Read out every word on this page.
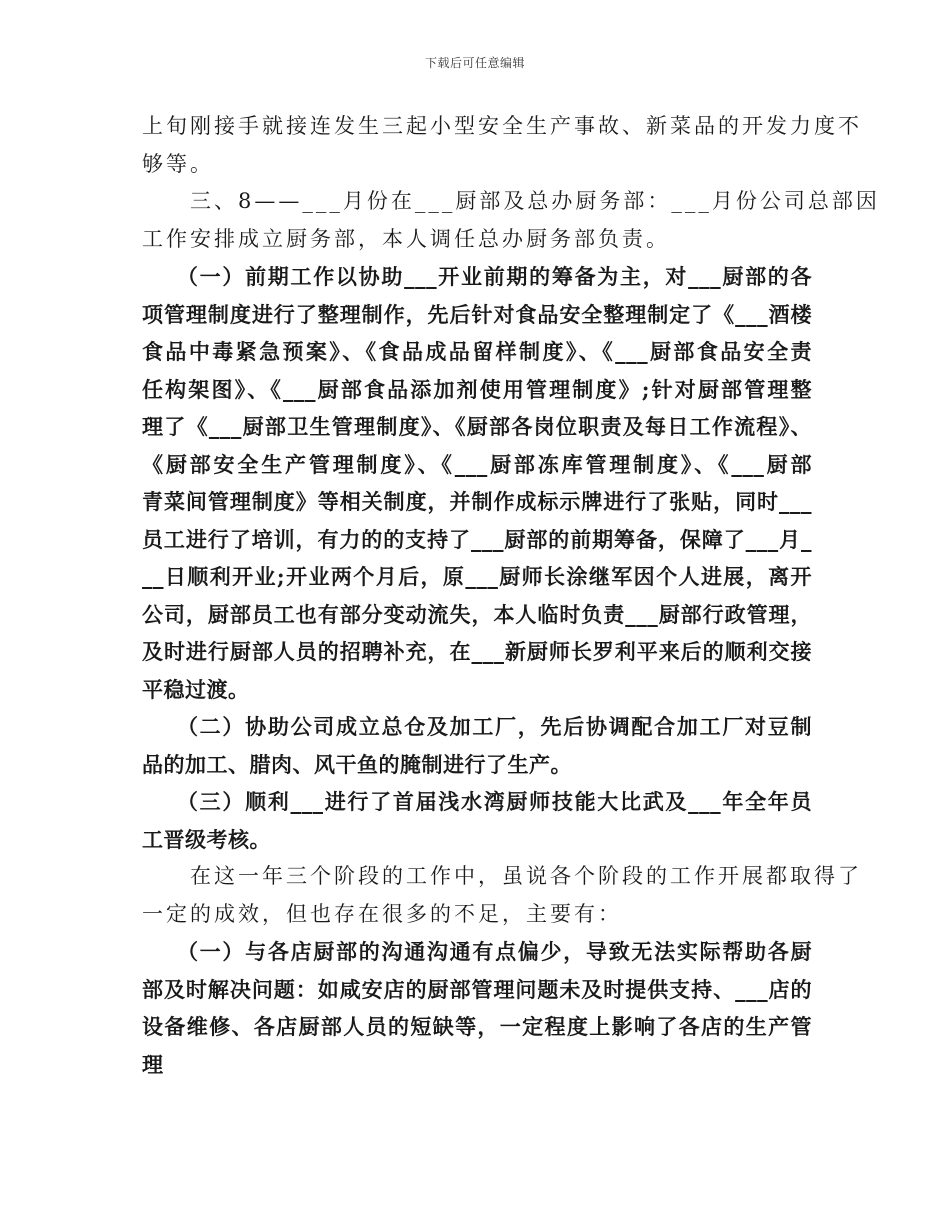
下载后可任意编辑
上旬刚接手就接连发生三起小型安全生产事故、新菜品的开发力度不
够等。
　　三、8——___月份在___厨部及总办厨务部：___月份公司总部因
工作安排成立厨务部，本人调任总办厨务部负责。
　　（一）前期工作以协助___开业前期的筹备为主，对___厨部的各
项管理制度进行了整理制作，先后针对食品安全整理制定了《___酒楼
食品中毒紧急预案》、《食品成品留样制度》、《___厨部食品安全责
任构架图》、《___厨部食品添加剂使用管理制度》;针对厨部管理整
理了《___厨部卫生管理制度》、《厨部各岗位职责及每日工作流程》、
《厨部安全生产管理制度》、《___厨部冻库管理制度》、《___厨部
青菜间管理制度》等相关制度，并制作成标示牌进行了张贴，同时___
员工进行了培训，有力的的支持了___厨部的前期筹备，保障了___月_
__日顺利开业;开业两个月后，原___厨师长涂继军因个人进展，离开
公司，厨部员工也有部分变动流失，本人临时负责___厨部行政管理，
及时进行厨部人员的招聘补充，在___新厨师长罗利平来后的顺利交接
平稳过渡。
　　（二）协助公司成立总仓及加工厂，先后协调配合加工厂对豆制
品的加工、腊肉、风干鱼的腌制进行了生产。
　　（三）顺利___进行了首届浅水湾厨师技能大比武及___年全年员
工晋级考核。
　　在这一年三个阶段的工作中，虽说各个阶段的工作开展都取得了
一定的成效，但也存在很多的不足，主要有：
　　（一）与各店厨部的沟通沟通有点偏少，导致无法实际帮助各厨
部及时解决问题：如咸安店的厨部管理问题未及时提供支持、___店的
设备维修、各店厨部人员的短缺等，一定程度上影响了各店的生产管
理
